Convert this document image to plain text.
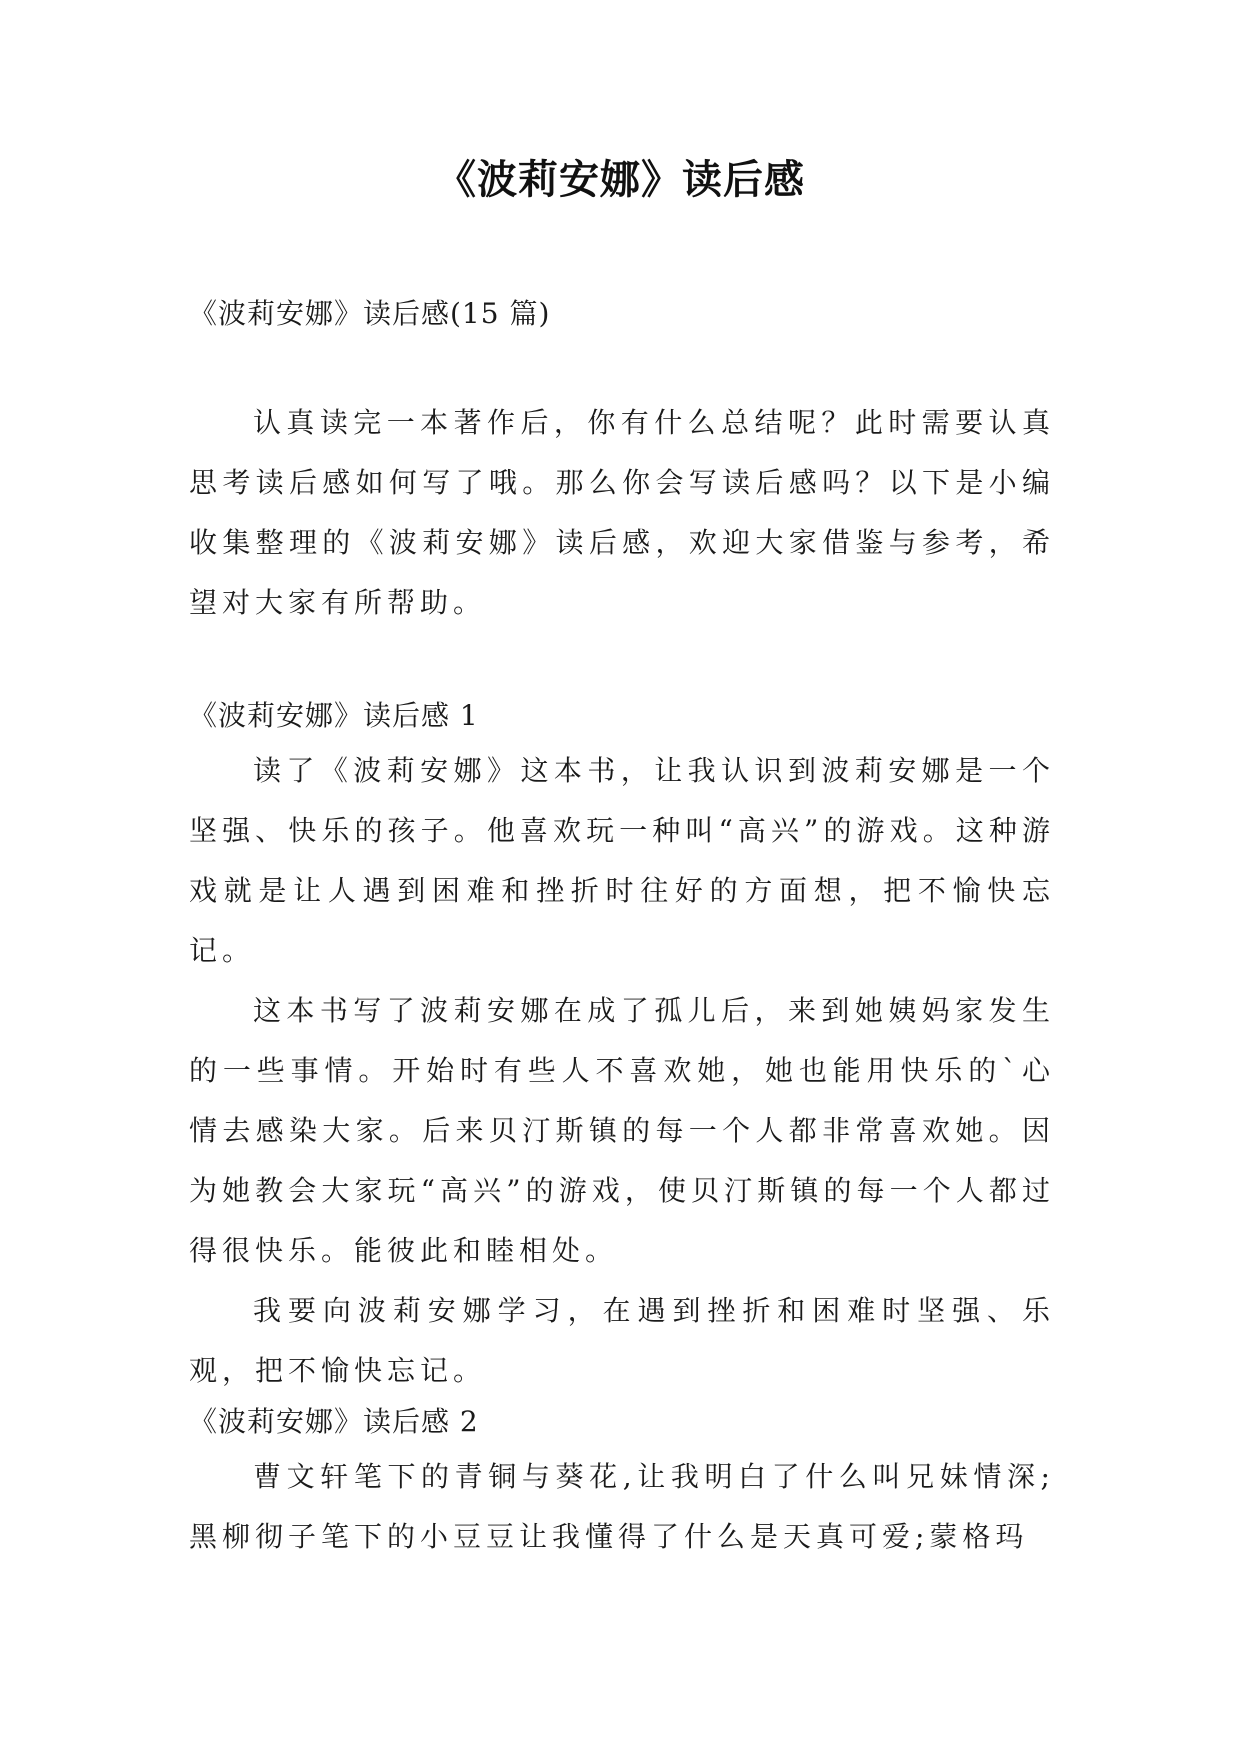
《波莉安娜》读后感

《波莉安娜》读后感(15 篇)

认真读完一本著作后，你有什么总结呢？此时需要认真思考读后感如何写了哦。那么你会写读后感吗？以下是小编收集整理的《波莉安娜》读后感，欢迎大家借鉴与参考，希望对大家有所帮助。

《波莉安娜》读后感 1

读了《波莉安娜》这本书，让我认识到波莉安娜是一个坚强、快乐的孩子。他喜欢玩一种叫“高兴”的游戏。这种游戏就是让人遇到困难和挫折时往好的方面想，把不愉快忘记。

这本书写了波莉安娜在成了孤儿后，来到她姨妈家发生的一些事情。开始时有些人不喜欢她，她也能用快乐的`心情去感染大家。后来贝汀斯镇的每一个人都非常喜欢她。因为她教会大家玩“高兴”的游戏，使贝汀斯镇的每一个人都过得很快乐。能彼此和睦相处。

我要向波莉安娜学习，在遇到挫折和困难时坚强、乐观，把不愉快忘记。

《波莉安娜》读后感 2

曹文轩笔下的青铜与葵花,让我明白了什么叫兄妹情深;黑柳彻子笔下的小豆豆让我懂得了什么是天真可爱;蒙格玛
